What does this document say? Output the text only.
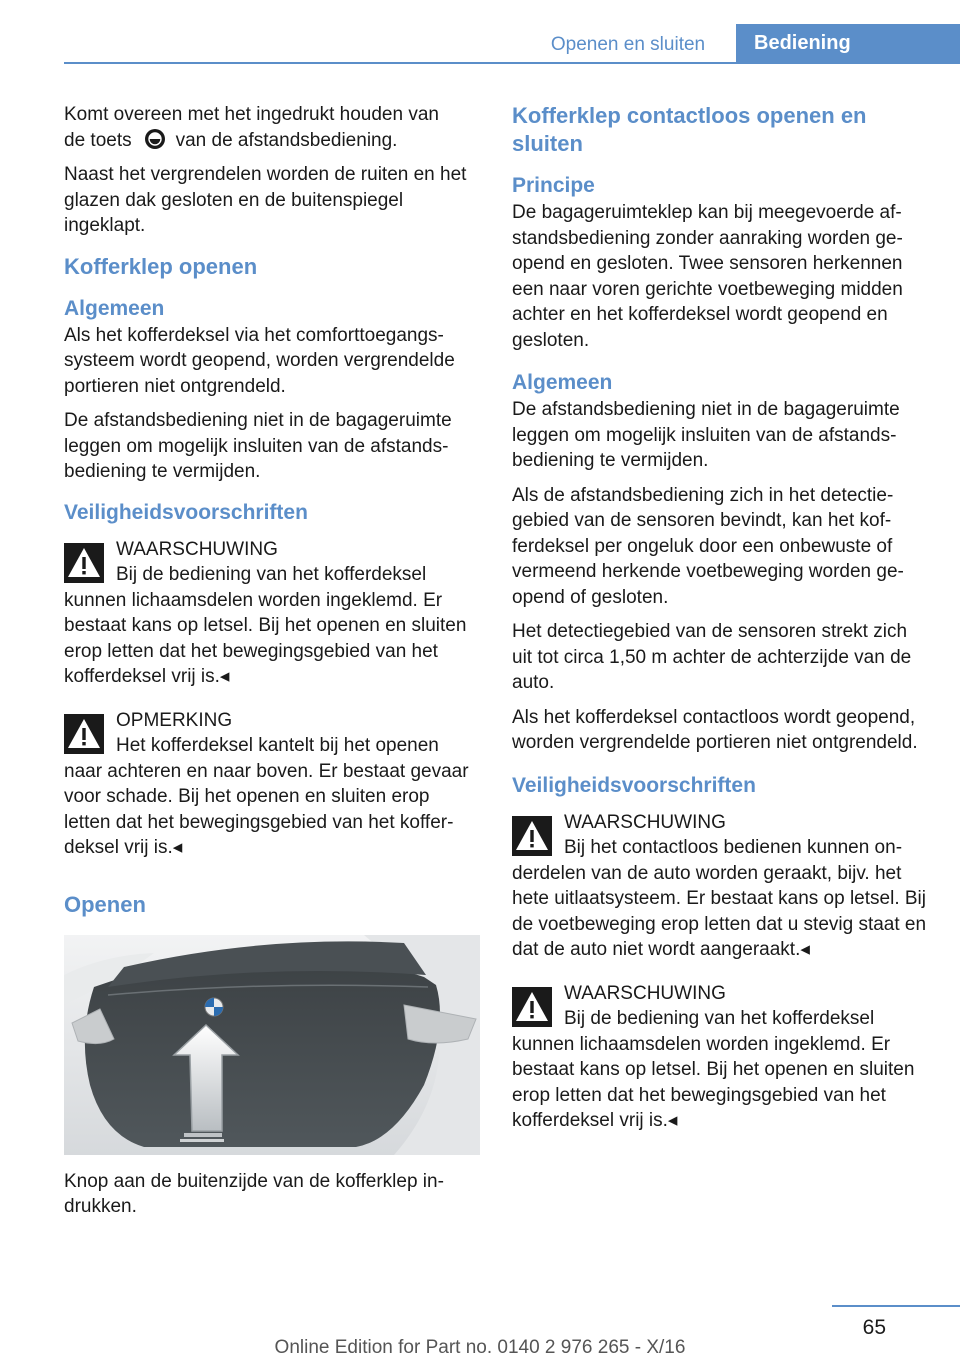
Openen en sluiten	Bediening

Komt overeen met het ingedrukt houden van
de toets van de afstandsbediening.

Naast het vergrendelen worden de ruiten en het glazen dak gesloten en de buitenspiegel ingeklapt.

Kofferklep openen
Algemeen

Als het kofferdeksel via het comforttoegangssysteem wordt geopend, worden vergrendelde portieren niet ontgrendeld.

De afstandsbediening niet in de bagageruimte leggen om mogelijk insluiten van de afstandsbediening te vermijden.

Veiligheidsvoorschriften

WAARSCHUWING

Bij de bediening van het kofferdeksel kunnen lichaamsdelen worden ingeklemd. Er bestaat kans op letsel. Bij het openen en sluiten erop letten dat het bewegingsgebied van het kofferdeksel vrij is.◂

OPMERKING

Het kofferdeksel kantelt bij het openen naar achteren en naar boven. Er bestaat gevaar voor schade. Bij het openen en sluiten erop letten dat het bewegingsgebied van het kofferdeksel vrij is.◂

Openen

Knop aan de buitenzijde van de kofferklep indrukken.

Kofferklep contactloos openen en sluiten
Principe

De bagageruimteklep kan bij meegevoerde afstandsbediening zonder aanraking worden geopend en gesloten. Twee sensoren herkennen een naar voren gerichte voetbeweging midden achter en het kofferdeksel wordt geopend en gesloten.

Algemeen

De afstandsbediening niet in de bagageruimte leggen om mogelijk insluiten van de afstandsbediening te vermijden.

Als de afstandsbediening zich in het detectiegebied van de sensoren bevindt, kan het kofferdeksel per ongeluk door een onbewuste of vermeend herkende voetbeweging worden geopend of gesloten.

Het detectiegebied van de sensoren strekt zich uit tot circa 1,50 m achter de achterzijde van de auto.

Als het kofferdeksel contactloos wordt geopend, worden vergrendelde portieren niet ontgrendeld.

Veiligheidsvoorschriften

WAARSCHUWING

Bij het contactloos bedienen kunnen onderdelen van de auto worden geraakt, bijv. het hete uitlaatsysteem. Er bestaat kans op letsel. Bij de voetbeweging erop letten dat u stevig staat en dat de auto niet wordt aangeraakt.◂

WAARSCHUWING

Bij de bediening van het kofferdeksel kunnen lichaamsdelen worden ingeklemd. Er bestaat kans op letsel. Bij het openen en sluiten erop letten dat het bewegingsgebied van het kofferdeksel vrij is.◂

65
Online Edition for Part no. 0140 2 976 265 - X/16
